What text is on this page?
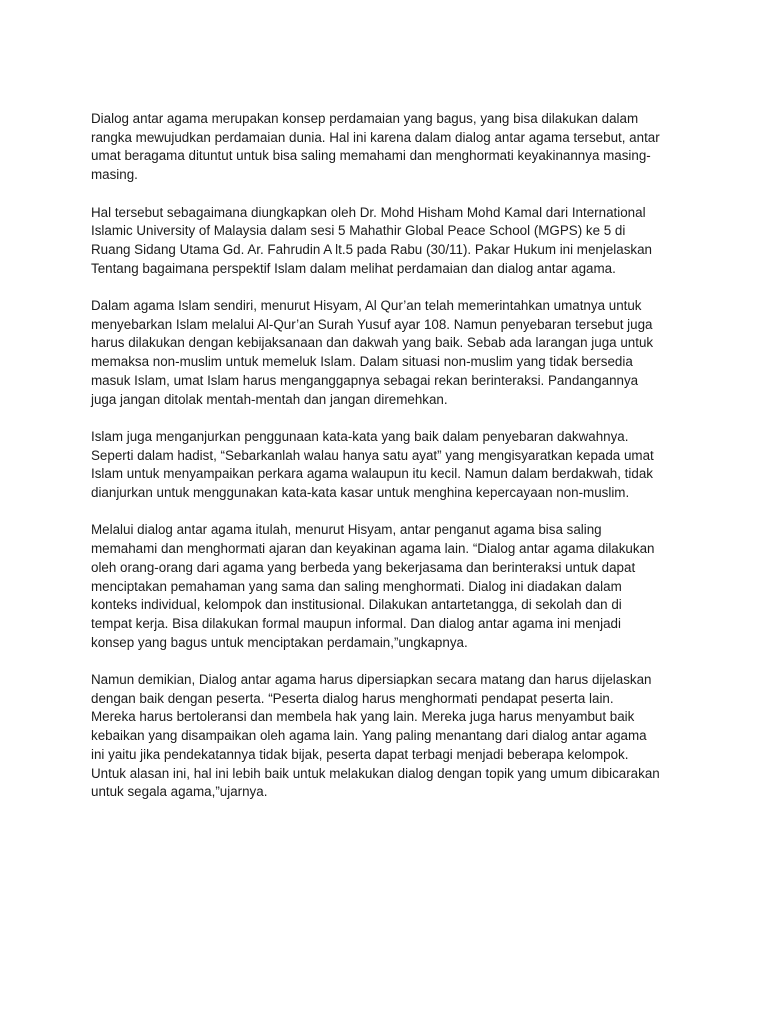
Dialog antar agama merupakan konsep perdamaian yang bagus, yang bisa dilakukan dalam
rangka mewujudkan perdamaian dunia. Hal ini karena dalam dialog antar agama tersebut, antar
umat beragama dituntut untuk bisa saling memahami dan menghormati keyakinannya masing-
masing.

Hal tersebut sebagaimana diungkapkan oleh Dr. Mohd Hisham Mohd Kamal dari International
Islamic University of Malaysia dalam sesi 5 Mahathir Global Peace School (MGPS) ke 5 di
Ruang Sidang Utama Gd. Ar. Fahrudin A lt.5 pada Rabu (30/11). Pakar Hukum ini menjelaskan
Tentang bagaimana perspektif Islam dalam melihat perdamaian dan dialog antar agama.

Dalam agama Islam sendiri, menurut Hisyam, Al Qur’an telah memerintahkan umatnya untuk
menyebarkan Islam melalui Al-Qur’an Surah Yusuf ayar 108. Namun penyebaran tersebut juga
harus dilakukan dengan kebijaksanaan dan dakwah yang baik. Sebab ada larangan juga untuk
memaksa non-muslim untuk memeluk Islam. Dalam situasi non-muslim yang tidak bersedia
masuk Islam, umat Islam harus menganggapnya sebagai rekan berinteraksi. Pandangannya
juga jangan ditolak mentah-mentah dan jangan diremehkan.

Islam juga menganjurkan penggunaan kata-kata yang baik dalam penyebaran dakwahnya.
Seperti dalam hadist, “Sebarkanlah walau hanya satu ayat” yang mengisyaratkan kepada umat
Islam untuk menyampaikan perkara agama walaupun itu kecil. Namun dalam berdakwah, tidak
dianjurkan untuk menggunakan kata-kata kasar untuk menghina kepercayaan non-muslim.

Melalui dialog antar agama itulah, menurut Hisyam, antar penganut agama bisa saling
memahami dan menghormati ajaran dan keyakinan agama lain. “Dialog antar agama dilakukan
oleh orang-orang dari agama yang berbeda yang bekerjasama dan berinteraksi untuk dapat
menciptakan pemahaman yang sama dan saling menghormati. Dialog ini diadakan dalam
konteks individual, kelompok dan institusional. Dilakukan antartetangga, di sekolah dan di
tempat kerja. Bisa dilakukan formal maupun informal. Dan dialog antar agama ini menjadi
konsep yang bagus untuk menciptakan perdamain,”ungkapnya.

Namun demikian, Dialog antar agama harus dipersiapkan secara matang dan harus dijelaskan
dengan baik dengan peserta. “Peserta dialog harus menghormati pendapat peserta lain.
Mereka harus bertoleransi dan membela hak yang lain. Mereka juga harus menyambut baik
kebaikan yang disampaikan oleh agama lain. Yang paling menantang dari dialog antar agama
ini yaitu jika pendekatannya tidak bijak, peserta dapat terbagi menjadi beberapa kelompok.
Untuk alasan ini, hal ini lebih baik untuk melakukan dialog dengan topik yang umum dibicarakan
untuk segala agama,”ujarnya.
